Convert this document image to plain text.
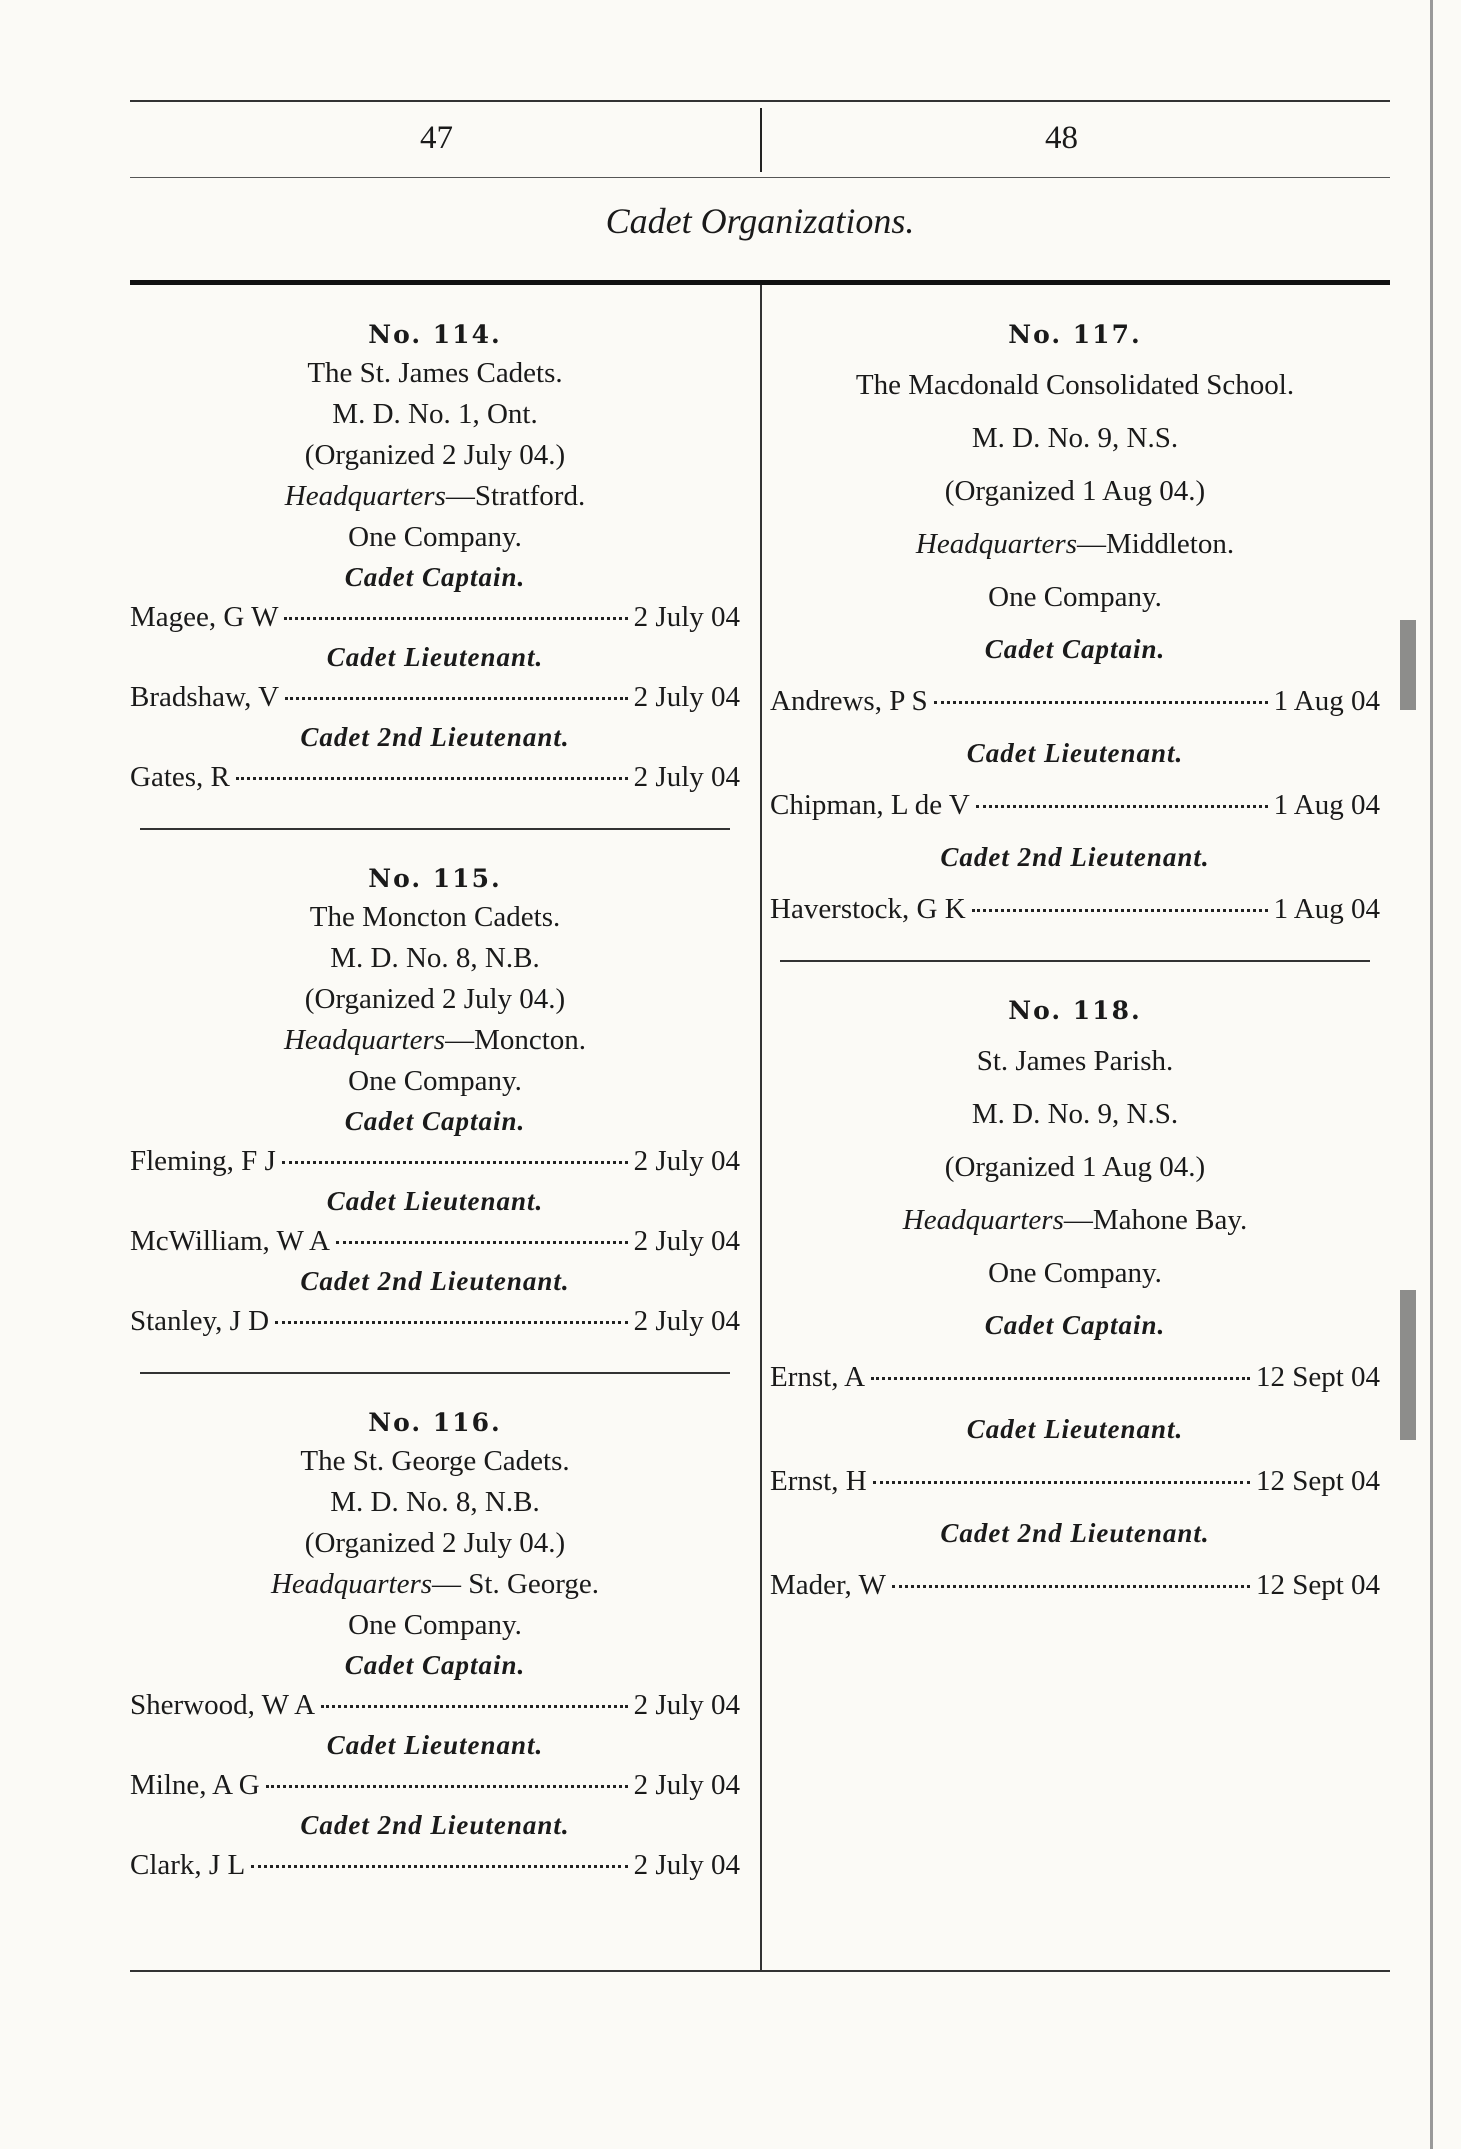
47	48
Cadet Organizations.
No. 114.
The St. James Cadets.
M. D. No. 1, Ont.
(Organized 2 July 04.)
Headquarters—Stratford.
One Company.
Cadet Captain.
Magee, G W	2 July 04
Cadet Lieutenant.
Bradshaw, V	2 July 04
Cadet 2nd Lieutenant.
Gates, R	2 July 04
No. 115.
The Moncton Cadets.
M. D. No. 8, N.B.
(Organized 2 July 04.)
Headquarters—Moncton.
One Company.
Cadet Captain.
Fleming, F J	2 July 04
Cadet Lieutenant.
McWilliam, W A	2 July 04
Cadet 2nd Lieutenant.
Stanley, J D	2 July 04
No. 116.
The St. George Cadets.
M. D. No. 8, N.B.
(Organized 2 July 04.)
Headquarters— St. George.
One Company.
Cadet Captain.
Sherwood, W A	2 July 04
Cadet Lieutenant.
Milne, A G	2 July 04
Cadet 2nd Lieutenant.
Clark, J L	2 July 04
No. 117.
The Macdonald Consolidated School.
M. D. No. 9, N.S.
(Organized 1 Aug 04.)
Headquarters—Middleton.
One Company.
Cadet Captain.
Andrews, P S	1 Aug 04
Cadet Lieutenant.
Chipman, L de V	1 Aug 04
Cadet 2nd Lieutenant.
Haverstock, G K	1 Aug 04
No. 118.
St. James Parish.
M. D. No. 9, N.S.
(Organized 1 Aug 04.)
Headquarters—Mahone Bay.
One Company.
Cadet Captain.
Ernst, A	12 Sept 04
Cadet Lieutenant.
Ernst, H	12 Sept 04
Cadet 2nd Lieutenant.
Mader, W	12 Sept 04
